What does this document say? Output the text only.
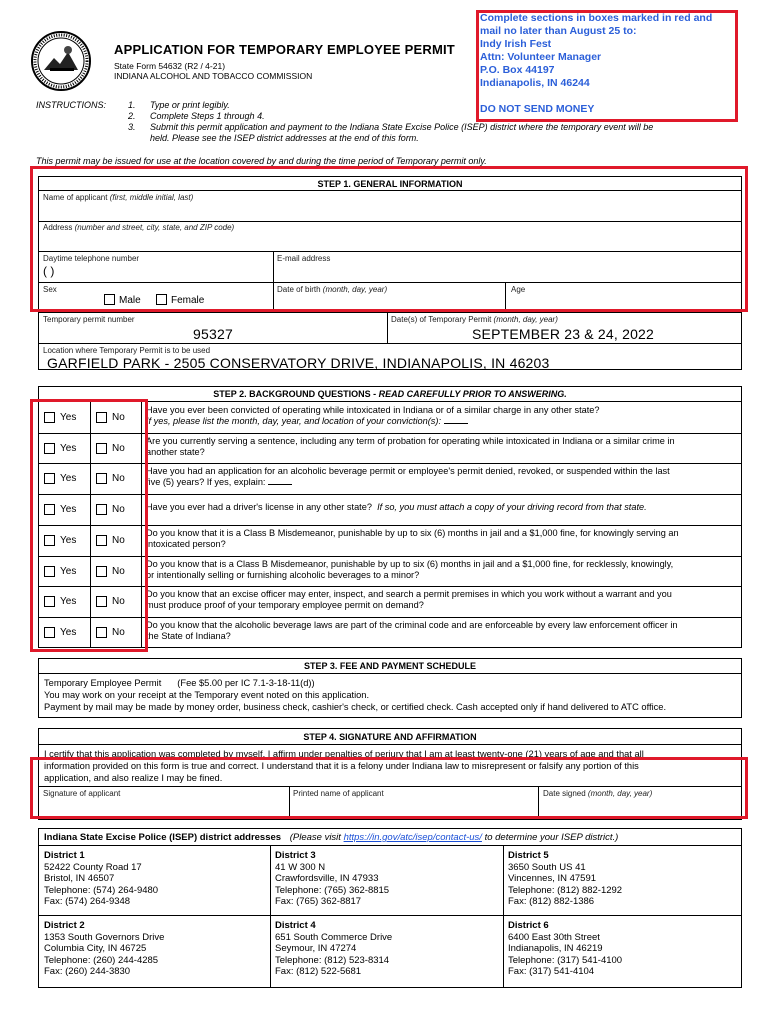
APPLICATION FOR TEMPORARY EMPLOYEE PERMIT
State Form 54632 (R2 / 4-21)
INDIANA ALCOHOL AND TOBACCO COMMISSION
Complete sections in boxes marked in red and
mail no later than August 25 to:
Indy Irish Fest
Attn: Volunteer Manager
P.O. Box 44197
Indianapolis, IN 46244
DO NOT SEND MONEY
INSTRUCTIONS: 1. Type or print legibly.
2. Complete Steps 1 through 4.
3. Submit this permit application and payment to the Indiana State Excise Police (ISEP) district where the temporary event will be
held. Please see the ISEP district addresses at the end of this form.
This permit may be issued for use at the location covered by and during the time period of Temporary permit only.
STEP 1. GENERAL INFORMATION
Name of applicant (first, middle initial, last)
Address (number and street, city, state, and ZIP code)
Daytime telephone number
( )
E-mail address
Sex
Male	Female
Date of birth (month, day, year)	Age
Temporary permit number
95327
Date(s) of Temporary Permit (month, day, year)
SEPTEMBER 23 & 24, 2022
Location where Temporary Permit is to be used
GARFIELD PARK - 2505 CONSERVATORY DRIVE, INDIANAPOLIS, IN 46203
STEP 2. BACKGROUND QUESTIONS - READ CAREFULLY PRIOR TO ANSWERING.
Yes	No
Have you ever been convicted of operating while intoxicated in Indiana or of a similar charge in any other state?
If yes, please list the month, day, year, and location of your conviction(s):
Yes	No
Are you currently serving a sentence, including any term of probation for operating while intoxicated in Indiana or a similar crime in
another state?
Yes	No
Have you had an application for an alcoholic beverage permit or employee's permit denied, revoked, or suspended within the last
five (5) years? If yes, explain:
Yes	No Have you ever had a driver's license in any other state? If so, you must attach a copy of your driving record from that state.
Yes	No
Do you know that it is a Class B Misdemeanor, punishable by up to six (6) months in jail and a $1,000 fine, for knowingly serving an
intoxicated person?
Yes	No
Do you know that is a Class B Misdemeanor, punishable by up to six (6) months in jail and a $1,000 fine, for recklessly, knowingly,
or intentionally selling or furnishing alcoholic beverages to a minor?
Yes	No
Do you know that an excise officer may enter, inspect, and search a permit premises in which you work without a warrant and you
must produce proof of your temporary employee permit on demand?
Yes	No
Do you know that the alcoholic beverage laws are part of the criminal code and are enforceable by every law enforcement officer in
the State of Indiana?
STEP 3. FEE AND PAYMENT SCHEDULE
Temporary Employee Permit (Fee $5.00 per IC 7.1-3-18-11(d))
You may work on your receipt at the Temporary event noted on this application.
Payment by mail may be made by money order, business check, cashier's check, or certified check. Cash accepted only if hand delivered to ATC office.
STEP 4. SIGNATURE AND AFFIRMATION
I certify that this application was completed by myself. I affirm under penalties of perjury that I am at least twenty-one (21) years of age and that all
information provided on this form is true and correct. I understand that it is a felony under Indiana law to misrepresent or falsify any portion of this
application, and also realize I may be fined.
Signature of applicant	Printed name of applicant	Date signed (month, day, year)
Indiana State Excise Police (ISEP) district addresses (Please visit https://in.gov/atc/isep/contact-us/ to determine your ISEP district.)
District 1
52422 County Road 17
Bristol, IN 46507
Telephone: (574) 264-9480
Fax: (574) 264-9348
District 3
41 W 300 N
Crawfordsville, IN 47933
Telephone: (765) 362-8815
Fax: (765) 362-8817
District 5
3650 South US 41
Vincennes, IN 47591
Telephone: (812) 882-1292
Fax: (812) 882-1386
District 2
1353 South Governors Drive
Columbia City, IN 46725
Telephone: (260) 244-4285
Fax: (260) 244-3830
District 4
651 South Commerce Drive
Seymour, IN 47274
Telephone: (812) 523-8314
Fax: (812) 522-5681
District 6
6400 East 30th Street
Indianapolis, IN 46219
Telephone: (317) 541-4100
Fax: (317) 541-4104
